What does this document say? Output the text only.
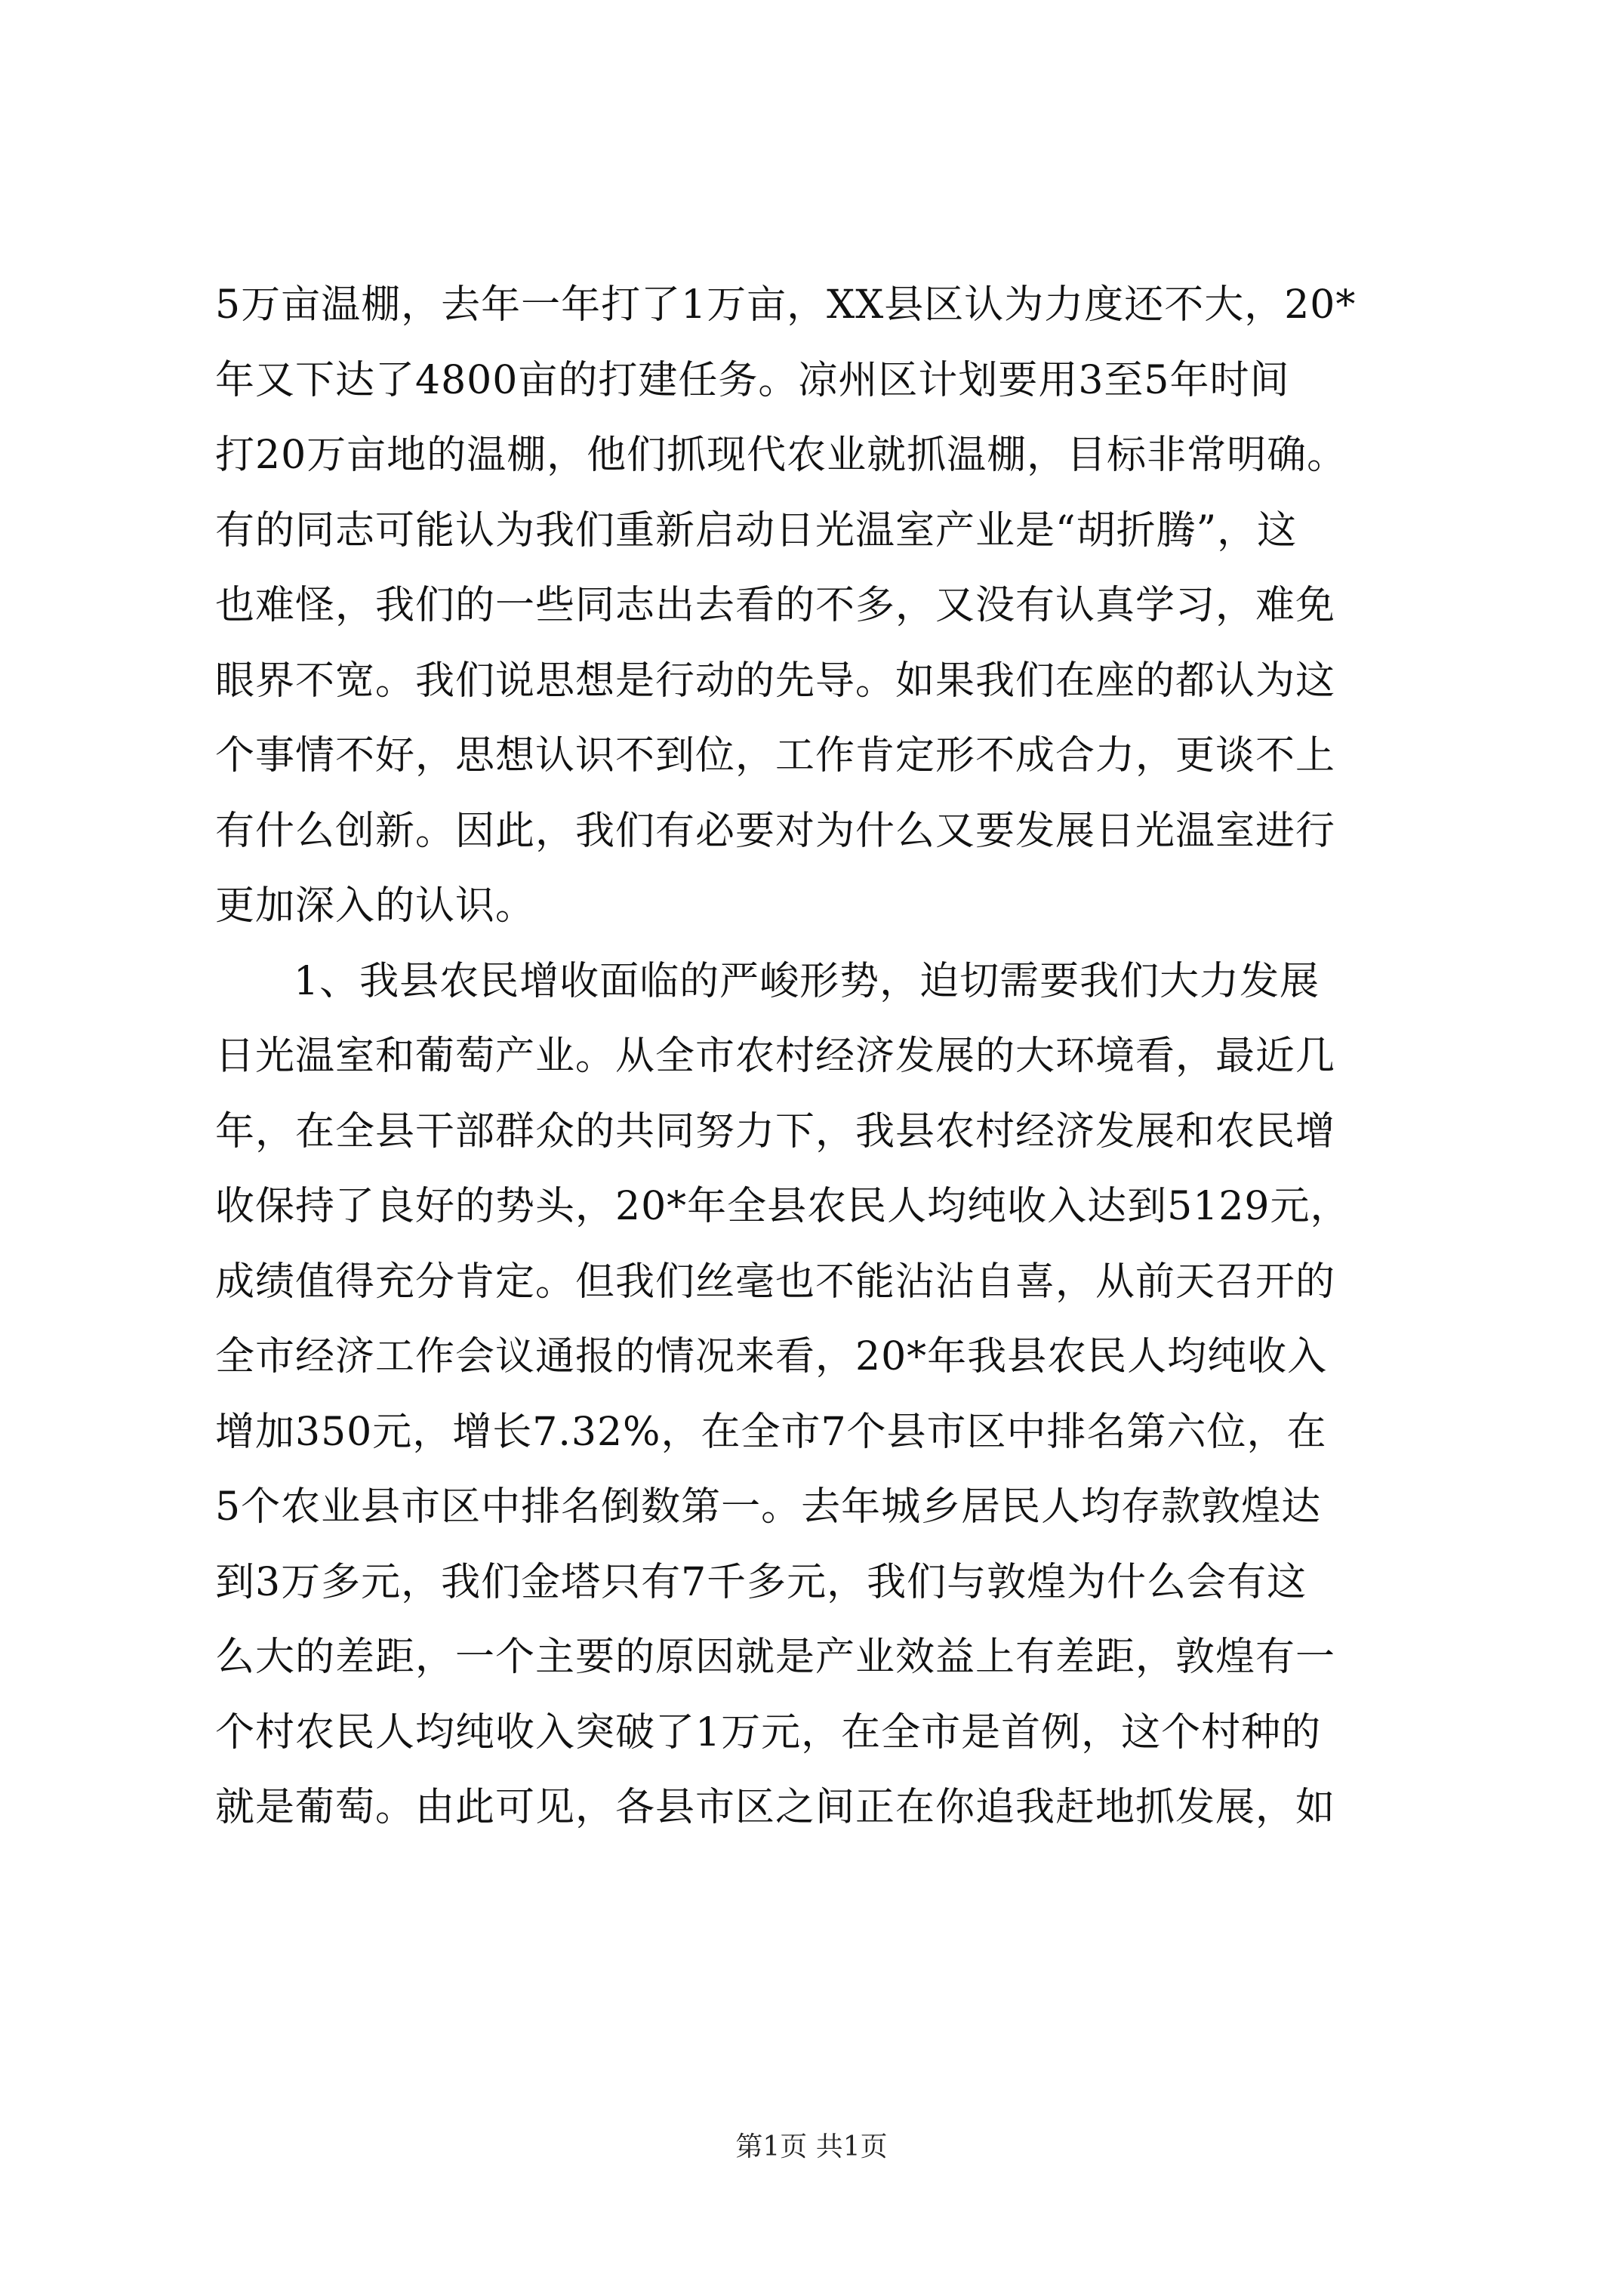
5万亩温棚，去年一年打了1万亩，XX县区认为力度还不大，20*
年又下达了4800亩的打建任务。凉州区计划要用3至5年时间
打20万亩地的温棚，他们抓现代农业就抓温棚，目标非常明确。
有的同志可能认为我们重新启动日光温室产业是“胡折腾”，这
也难怪，我们的一些同志出去看的不多，又没有认真学习，难免
眼界不宽。我们说思想是行动的先导。如果我们在座的都认为这
个事情不好，思想认识不到位，工作肯定形不成合力，更谈不上
有什么创新。因此，我们有必要对为什么又要发展日光温室进行
更加深入的认识。
1、我县农民增收面临的严峻形势，迫切需要我们大力发展
日光温室和葡萄产业。从全市农村经济发展的大环境看，最近几
年，在全县干部群众的共同努力下，我县农村经济发展和农民增
收保持了良好的势头，20*年全县农民人均纯收入达到5129元，
成绩值得充分肯定。但我们丝毫也不能沾沾自喜，从前天召开的
全市经济工作会议通报的情况来看，20*年我县农民人均纯收入
增加350元，增长7.32%，在全市7个县市区中排名第六位，在
5个农业县市区中排名倒数第一。去年城乡居民人均存款敦煌达
到3万多元，我们金塔只有7千多元，我们与敦煌为什么会有这
么大的差距，一个主要的原因就是产业效益上有差距，敦煌有一
个村农民人均纯收入突破了1万元，在全市是首例，这个村种的
就是葡萄。由此可见，各县市区之间正在你追我赶地抓发展，如
第1页 共1页
